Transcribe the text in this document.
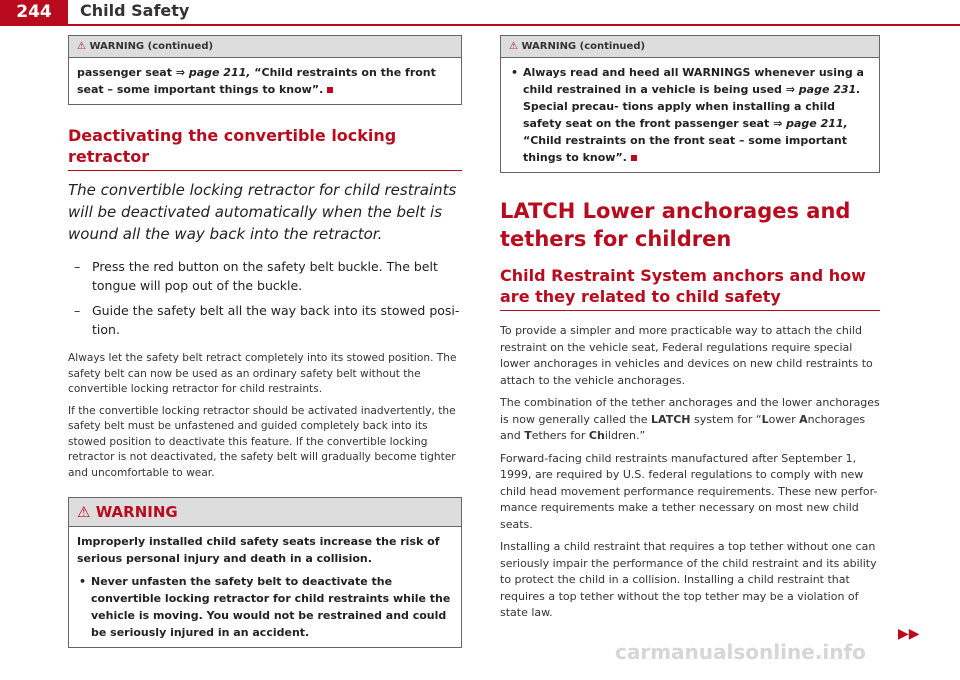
244	Child Safety
⚠ WARNING (continued)
passenger seat ⇒ page 211, “Child restraints on the front seat – some important things to know”.
Deactivating the convertible locking retractor
The convertible locking retractor for child restraints will be deactivated automatically when the belt is wound all the way back into the retractor.
– Press the red button on the safety belt buckle. The belt tongue will pop out of the buckle.
– Guide the safety belt all the way back into its stowed posi- tion.

Always let the safety belt retract completely into its stowed position. The safety belt can now be used as an ordinary safety belt without the convertible locking retractor for child restraints.

If the convertible locking retractor should be activated inadvertently, the safety belt must be unfastened and guided completely back into its stowed position to deactivate this feature. If the convertible locking retractor is not deactivated, the safety belt will gradually become tighter and uncomfortable to wear.

⚠ WARNING

Improperly installed child safety seats increase the risk of serious personal injury and death in a collision.

• Never unfasten the safety belt to deactivate the convertible locking retractor for child restraints while the vehicle is moving. You would not be restrained and could be seriously injured in an accident.
⚠ WARNING (continued)
• Always read and heed all WARNINGS whenever using a child restrained in a vehicle is being used ⇒ page 231. Special precau- tions apply when installing a child safety seat on the front passenger seat ⇒ page 211, “Child restraints on the front seat – some important things to know”.
LATCH Lower anchorages and tethers for children
Child Restraint System anchors and how are they related to child safety

To provide a simpler and more practicable way to attach the child restraint on the vehicle seat, Federal regulations require special lower anchorages in vehicles and devices on new child restraints to attach to the vehicle anchorages.

The combination of the tether anchorages and the lower anchorages is now generally called the LATCH system for “Lower Anchorages and Tethers for Children.”

Forward-facing child restraints manufactured after September 1, 1999, are required by U.S. federal regulations to comply with new child head movement performance requirements. These new perfor- mance requirements make a tether necessary on most new child seats.

Installing a child restraint that requires a top tether without one can seriously impair the performance of the child restraint and its ability to protect the child in a collision. Installing a child restraint that requires a top tether without the top tether may be a violation of state law.

▶▶
carmanualsonline.info
